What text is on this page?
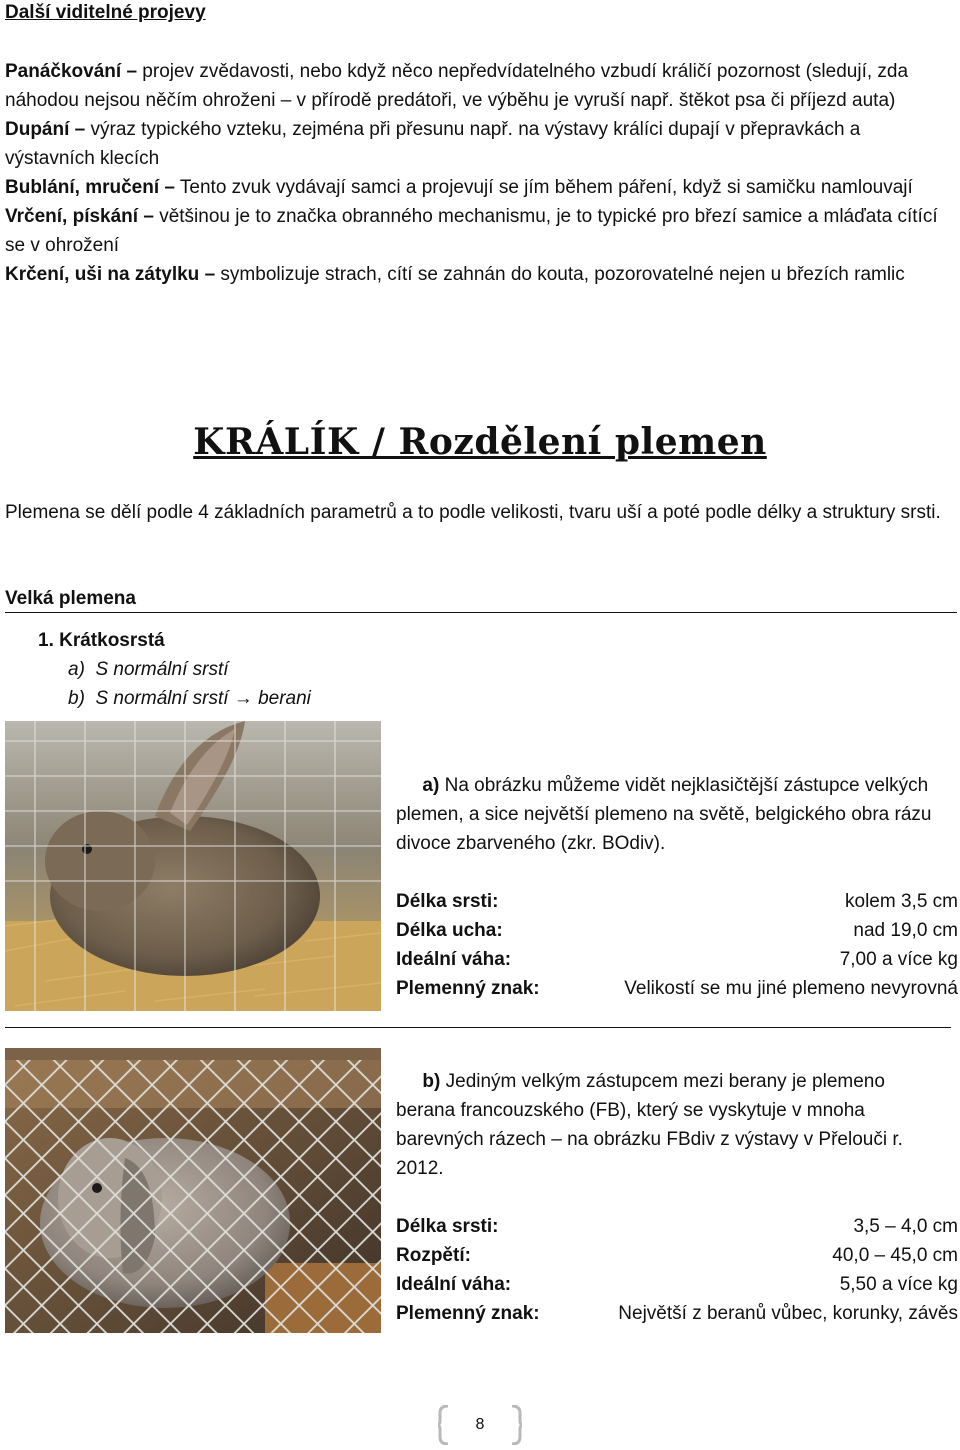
Další viditelné projevy

Panáčkování – projev zvědavosti, nebo když něco nepředvídatelného vzbudí králičí pozornost (sledují, zda náhodou nejsou něčím ohroženi – v přírodě predátoři, ve výběhu je vyruší např. štěkot psa či příjezd auta)

Dupání – výraz typického vzteku, zejména při přesunu např. na výstavy králíci dupají v přepravkách a výstavních klecích

Bublání, mručení – Tento zvuk vydávají samci a projevují se jím během páření, když si samičku namlouvají

Vrčení, pískání – většinou je to značka obranného mechanismu, je to typické pro březí samice a mláďata cítící se v ohrožení

Krčení, uši na zátylku – symbolizuje strach, cítí se zahnán do kouta, pozorovatelné nejen u březích ramlic

KRÁLÍK / Rozdělení plemen

Plemena se dělí podle 4 základních parametrů a to podle velikosti, tvaru uší a poté podle délky a struktury srsti.

Velká plemena
1. Krátkosrstá
a) S normální srstí
b) S normální srstí → berani

a) Na obrázku můžeme vidět nejklasičtější zástupce velkých plemen, a sice největší plemeno na světě, belgického obra rázu divoce zbarveného (zkr. BOdiv).

Délka srsti:	kolem 3,5 cm
Délka ucha:	nad 19,0 cm
Ideální váha:	7,00 a více kg
Plemenný znak:	Velikostí se mu jiné plemeno nevyrovná

b) Jediným velkým zástupcem mezi berany je plemeno berana francouzského (FB), který se vyskytuje v mnoha barevných rázech – na obrázku FBdiv z výstavy v Přelouči r. 2012.

Délka srsti:	3,5 – 4,0 cm
Rozpětí:	40,0 – 45,0 cm
Ideální váha:	5,50 a více kg
Plemenný znak:	Největší z beranů vůbec, korunky, závěs
8
